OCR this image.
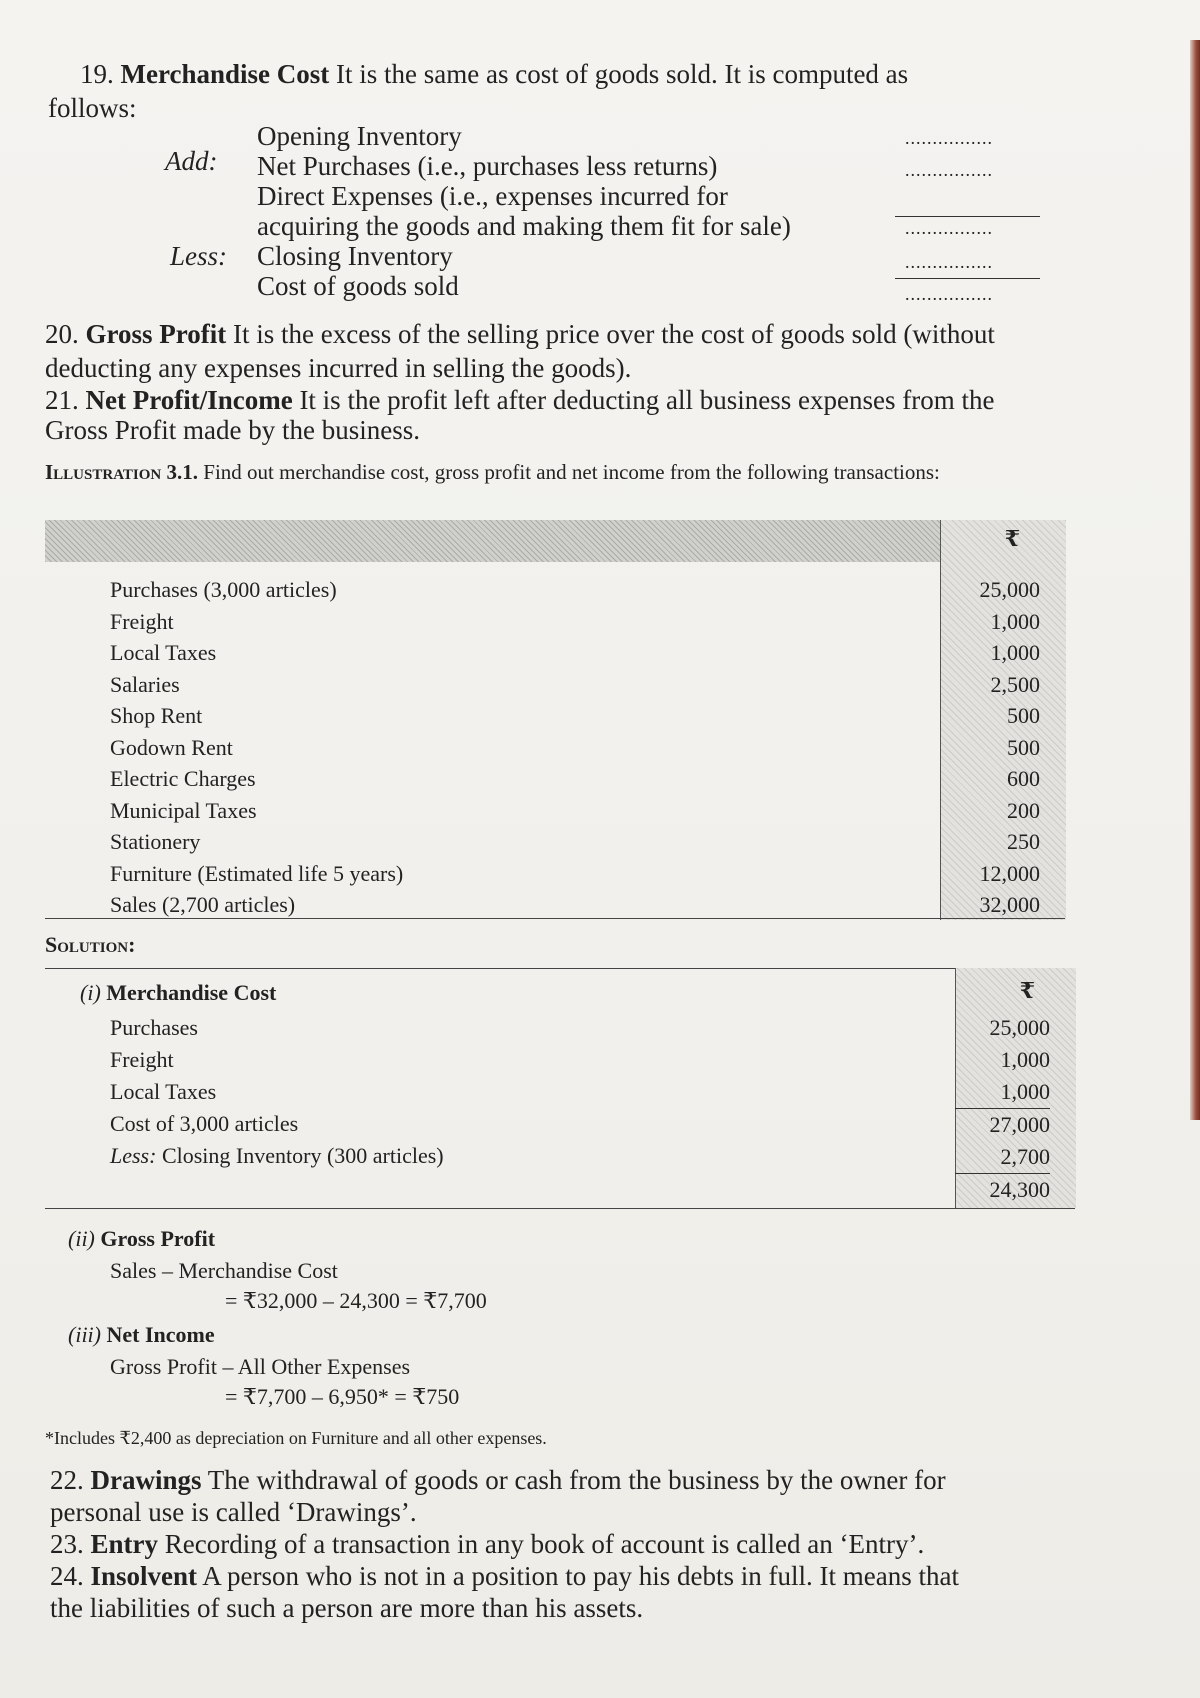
19. Merchandise Cost It is the same as cost of goods sold. It is computed as
follows:
Add:
Less:
Opening Inventory
Net Purchases (i.e., purchases less returns)
Direct Expenses (i.e., expenses incurred for
acquiring the goods and making them fit for sale)
Closing Inventory
Cost of goods sold
................
................
................
................
................
20. Gross Profit It is the excess of the selling price over the cost of goods sold (without
deducting any expenses incurred in selling the goods).
21. Net Profit/Income It is the profit left after deducting all business expenses from the
Gross Profit made by the business.
Illustration 3.1. Find out merchandise cost, gross profit and net income from the following transactions:
₹
Purchases (3,000 articles)
Freight
Local Taxes
Salaries
Shop Rent
Godown Rent
Electric Charges
Municipal Taxes
Stationery
Furniture (Estimated life 5 years)
Sales (2,700 articles)
25,000
1,000
1,000
2,500
500
500
600
200
250
12,000
32,000
Solution:
(i) Merchandise Cost	₹
Purchases
Freight
Local Taxes
Cost of 3,000 articles
Less: Closing Inventory (300 articles)
25,000
1,000
1,000
27,000
2,700
24,300
(ii) Gross Profit
Sales – Merchandise Cost
= ₹32,000 – 24,300 = ₹7,700
(iii) Net Income
Gross Profit – All Other Expenses
= ₹7,700 – 6,950* = ₹750
*Includes ₹2,400 as depreciation on Furniture and all other expenses.
22. Drawings The withdrawal of goods or cash from the business by the owner for
personal use is called ‘Drawings’.
23. Entry Recording of a transaction in any book of account is called an ‘Entry’.
24. Insolvent A person who is not in a position to pay his debts in full. It means that
the liabilities of such a person are more than his assets.
